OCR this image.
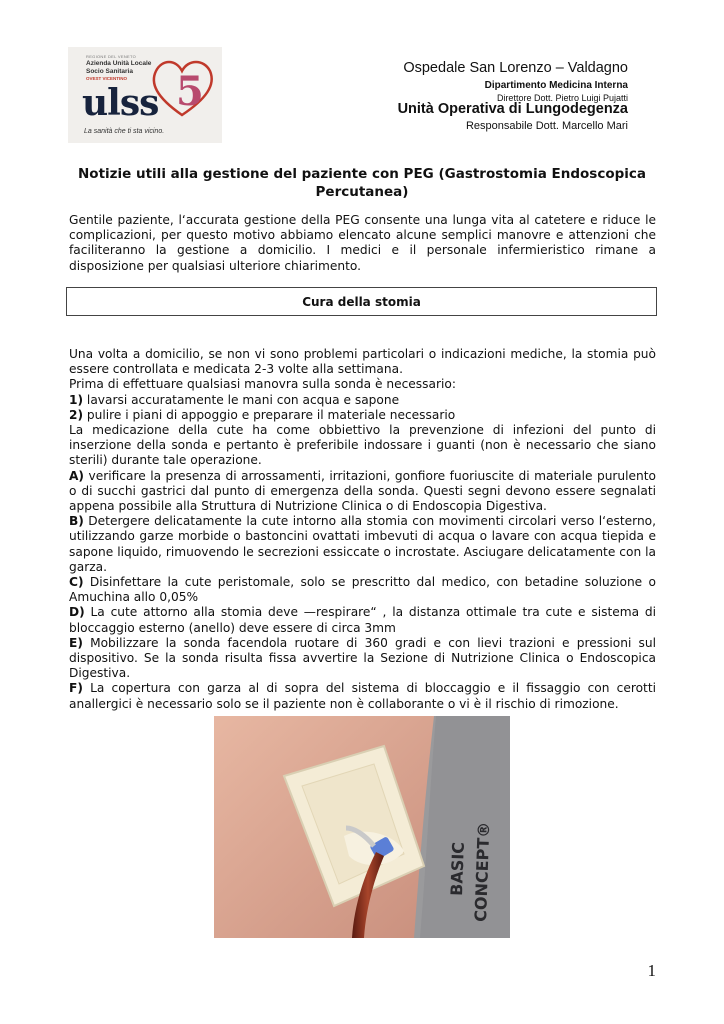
REGIONE DEL VENETO
Azienda Unità Locale
Socio Sanitaria
OVEST VICENTINO
ulss 5
La sanità che ti sta vicino.
Ospedale San Lorenzo – Valdagno
Dipartimento Medicina Interna
Direttore Dott. Pietro Luigi Pujatti
Unità Operativa di Lungodegenza
Responsabile Dott. Marcello Mari
Notizie utili alla gestione del paziente con PEG (Gastrostomia Endoscopica Percutanea)
Gentile paziente, l‘accurata gestione della PEG consente una lunga vita al catetere e riduce le complicazioni, per questo motivo abbiamo elencato alcune semplici manovre e attenzioni che faciliteranno la gestione a domicilio. I medici e il personale infermieristico rimane a disposizione per qualsiasi ulteriore chiarimento.
Cura della stomia
Una volta a domicilio, se non vi sono problemi particolari o indicazioni mediche, la stomia può essere controllata e medicata 2-3 volte alla settimana.
Prima di effettuare qualsiasi manovra sulla sonda è necessario:
1) lavarsi accuratamente le mani con acqua e sapone
2) pulire i piani di appoggio e preparare il materiale necessario
La medicazione della cute ha come obbiettivo la prevenzione di infezioni del punto di inserzione della sonda e pertanto è preferibile indossare i guanti (non è necessario che siano sterili) durante tale operazione.
A) verificare la presenza di arrossamenti, irritazioni, gonfiore fuoriuscite di materiale purulento o di succhi gastrici dal punto di emergenza della sonda. Questi segni devono essere segnalati appena possibile alla Struttura di Nutrizione Clinica o di Endoscopia Digestiva.
B) Detergere delicatamente la cute intorno alla stomia con movimenti circolari verso l‘esterno, utilizzando garze morbide o bastoncini ovattati imbevuti di acqua o lavare con acqua tiepida e sapone liquido, rimuovendo le secrezioni essiccate o incrostate. Asciugare delicatamente con la garza.
C) Disinfettare la cute peristomale, solo se prescritto dal medico, con betadine soluzione o Amuchina allo 0,05%
D) La cute attorno alla stomia deve —respirare“ , la distanza ottimale tra cute e sistema di bloccaggio esterno (anello) deve essere di circa 3mm
E) Mobilizzare la sonda facendola ruotare di 360 gradi e con lievi trazioni e pressioni sul dispositivo. Se la sonda risulta fissa avvertire la Sezione di Nutrizione Clinica o Endoscopica Digestiva.
F) La copertura con garza al di sopra del sistema di bloccaggio e il fissaggio con cerotti anallergici è necessario solo se il paziente non è collaborante o vi è il rischio di rimozione.
BASIC CONCEPT®
1
